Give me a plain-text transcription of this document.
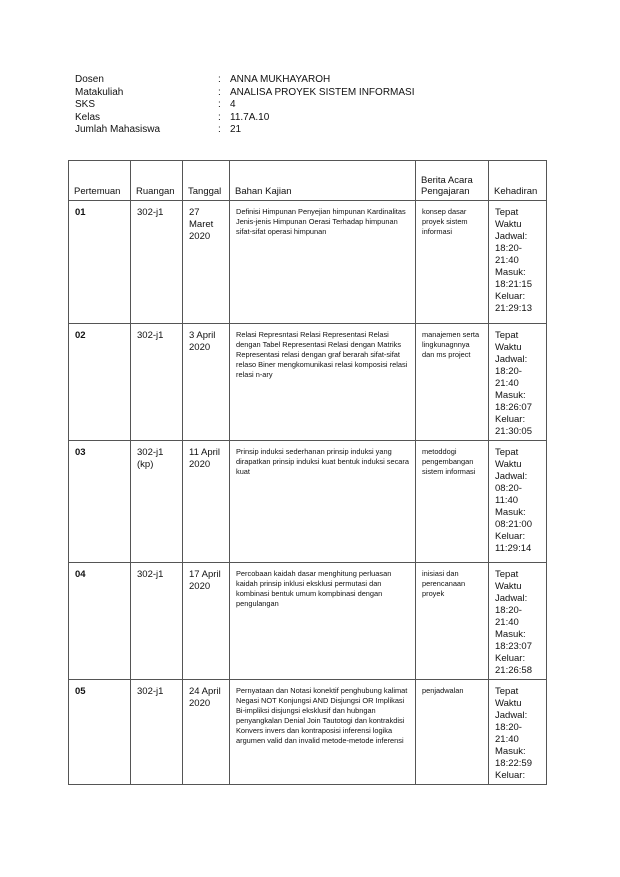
Dosen	: ANNA MUKHAYAROH
Matakuliah	: ANALISA PROYEK SISTEM INFORMASI
SKS	: 4
Kelas	: 11.7A.10
Jumlah Mahasiswa	: 21
Pertemuan	Ruangan	Tanggal	Bahan Kajian	Berita Acara Pengajaran	Kehadiran

01	302-j1	27 Maret 2020	Definisi Himpunan Penyejian himpunan Kardinalitas Jenis-jenis Himpunan Oerasi Terhadap himpunan sifat-sifat operasi himpunan	konsep dasar proyek sistem informasi	Tepat Waktu Jadwal: 18:20-21:40 Masuk: 18:21:15 Keluar: 21:29:13

02	302-j1	3 April 2020	Relasi Represntasi Relasi Representasi Relasi dengan Tabel Representasi Relasi dengan Matriks Representasi relasi dengan graf berarah sifat-sifat relaso Biner mengkomunikasi relasi komposisi relasi relasi n-ary	manajemen serta lingkunagnnya dan ms project	Tepat Waktu Jadwal: 18:20-21:40 Masuk: 18:26:07 Keluar: 21:30:05

03	302-j1 (kp)	11 April 2020	Prinsip induksi sederhanan prinsip induksi yang dirapatkan prinsip induksi kuat bentuk induksi secara kuat	metoddogi pengembangan sistem informasi	Tepat Waktu Jadwal: 08:20-11:40 Masuk: 08:21:00 Keluar: 11:29:14

04	302-j1	17 April 2020	Percobaan kaidah dasar menghitung perluasan kaidah prinsip inklusi eksklusi permutasi dan kombinasi bentuk umum kompbinasi dengan pengulangan	inisiasi dan perencanaan proyek	Tepat Waktu Jadwal: 18:20-21:40 Masuk: 18:23:07 Keluar: 21:26:58

05	302-j1	24 April 2020	Pernyataan dan Notasi konektif penghubung kalimat Negasi NOT Konjungsi AND Disjungsi OR Implikasi Bi-impliksi disjungsi eksklusif dan hubngan penyangkalan Denial Join Tautotogi dan kontrakdisi Konvers invers dan kontraposisi inferensi logika argumen valid dan invalid metode-metode inferensi	penjadwalan	Tepat Waktu Jadwal: 18:20-21:40 Masuk: 18:22:59 Keluar:
